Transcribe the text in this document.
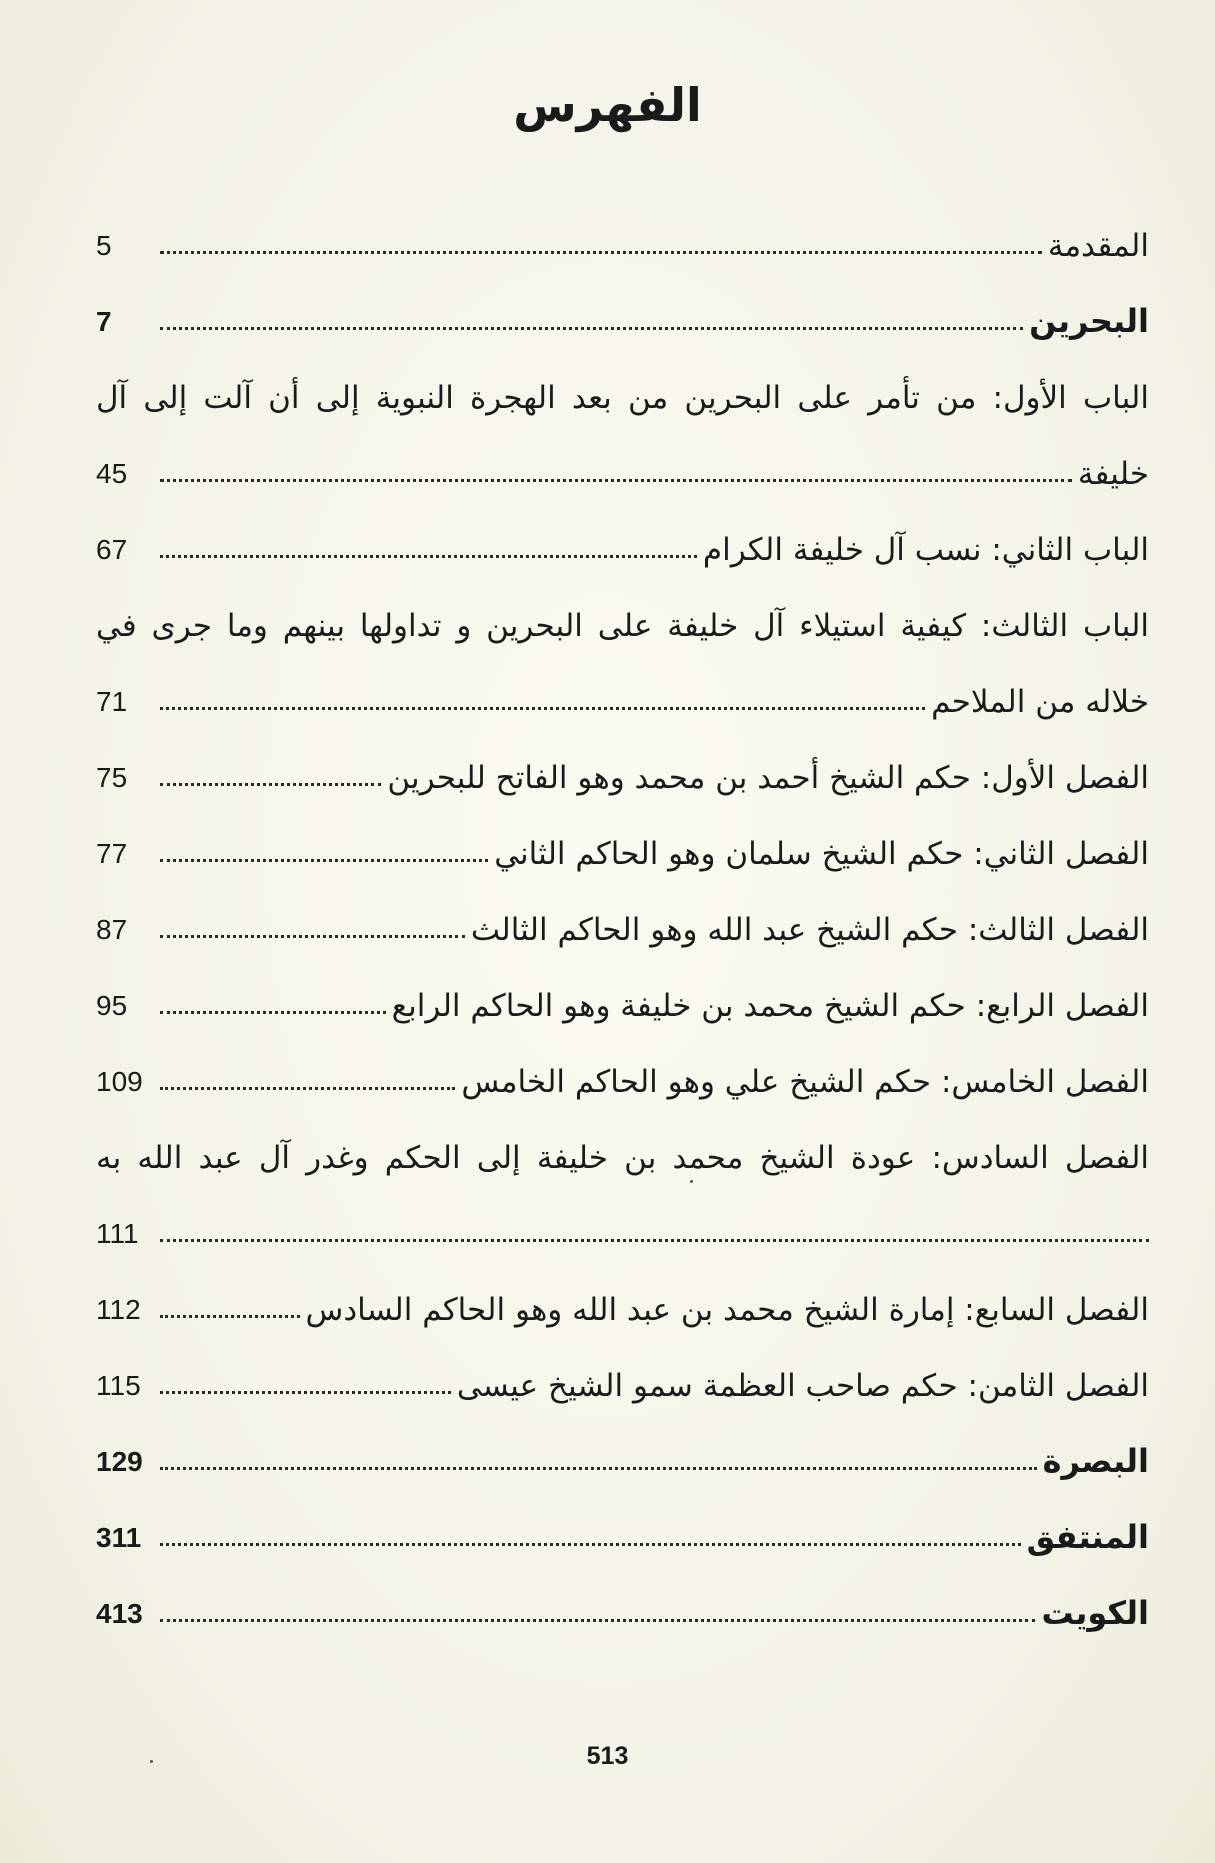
الفهرس
5	المقدمة
7	البحرين
الباب الأول: من تأمر على البحرين من بعد الهجرة النبوية إلى أن آلت إلى آل
45	خليفة
67	الباب الثاني: نسب آل خليفة الكرام
الباب الثالث: كيفية استيلاء آل خليفة على البحرين و تداولها بينهم وما جرى في
71	خلاله من الملاحم
75	الفصل الأول: حكم الشيخ أحمد بن محمد وهو الفاتح للبحرين
77	الفصل الثاني: حكم الشيخ سلمان وهو الحاكم الثاني
87	الفصل الثالث: حكم الشيخ عبد الله وهو الحاكم الثالث
95	الفصل الرابع: حكم الشيخ محمد بن خليفة وهو الحاكم الرابع
109	الفصل الخامس: حكم الشيخ علي وهو الحاكم الخامس
الفصل السادس: عودة الشيخ محمد بن خليفة إلى الحكم وغدر آل عبد الله به
111
112	الفصل السابع: إمارة الشيخ محمد بن عبد الله وهو الحاكم السادس
115	الفصل الثامن: حكم صاحب العظمة سمو الشيخ عيسى
129	البصرة
311	المنتفق
413	الكويت
513
